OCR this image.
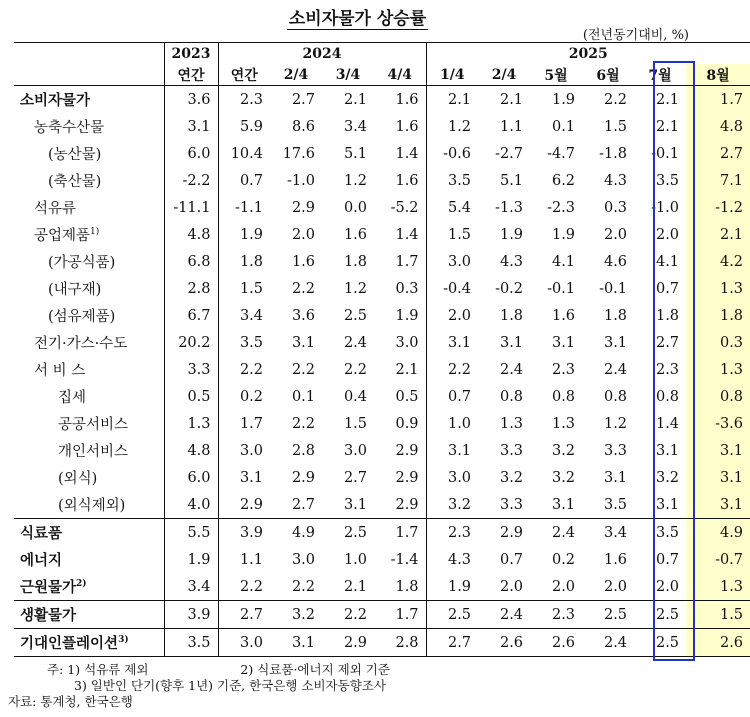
소비자물가 상승률
(전년동기대비, %)
	2023	2024				2025					
	연간	연간	2/4	3/4	4/4	1/4	2/4	5월	6월	7월	8월
소비자물가	3.6	2.3	2.7	2.1	1.6	2.1	2.1	1.9	2.2	2.1	1.7
농축수산물	3.1	5.9	8.6	3.4	1.6	1.2	1.1	0.1	1.5	2.1	4.8
(농산물)	6.0	10.4	17.6	5.1	1.4	-0.6	-2.7	-4.7	-1.8	-0.1	2.7
(축산물)	-2.2	0.7	-1.0	1.2	1.6	3.5	5.1	6.2	4.3	3.5	7.1
석유류	-11.1	-1.1	2.9	0.0	-5.2	5.4	-1.3	-2.3	0.3	-1.0	-1.2
공업제품$^{1)}$	4.8	1.9	2.0	1.6	1.4	1.5	1.9	1.9	2.0	2.0	2.1
(가공식품)	6.8	1.8	1.6	1.8	1.7	3.0	4.3	4.1	4.6	4.1	4.2
(내구재)	2.8	1.5	2.2	1.2	0.3	-0.4	-0.2	-0.1	-0.1	0.7	1.3
(섬유제품)	6.7	3.4	3.6	2.5	1.9	2.0	1.8	1.6	1.8	1.8	1.8
전기·가스·수도	20.2	3.5	3.1	2.4	3.0	3.1	3.1	3.1	3.1	2.7	0.3
서 비 스	3.3	2.2	2.2	2.2	2.1	2.2	2.4	2.3	2.4	2.3	1.3
집세	0.5	0.2	0.1	0.4	0.5	0.7	0.8	0.8	0.8	0.8	0.8
공공서비스	1.3	1.7	2.2	1.5	0.9	1.0	1.3	1.3	1.2	1.4	-3.6
개인서비스	4.8	3.0	2.8	3.0	2.9	3.1	3.3	3.2	3.3	3.1	3.1
(외식)	6.0	3.1	2.9	2.7	2.9	3.0	3.2	3.2	3.1	3.2	3.1
(외식제외)	4.0	2.9	2.7	3.1	2.9	3.2	3.3	3.1	3.5	3.1	3.1
식료품	5.5	3.9	4.9	2.5	1.7	2.3	2.9	2.4	3.4	3.5	4.9
에너지	1.9	1.1	3.0	1.0	-1.4	4.3	0.7	0.2	1.6	0.7	-0.7
근원물가$^{2)}$	3.4	2.2	2.2	2.1	1.8	1.9	2.0	2.0	2.0	2.0	1.3
생활물가	3.9	2.7	3.2	2.2	1.7	2.5	2.4	2.3	2.5	2.5	1.5
기대인플레이션$^{3)}$	3.5	3.0	3.1	2.9	2.8	2.7	2.6	2.6	2.4	2.5	2.6
주: 1) 석유류 제외	2) 식료품·에너지 제외 기준
3) 일반인 단기(향후 1년) 기준, 한국은행 소비자동향조사
자료: 통계청, 한국은행
